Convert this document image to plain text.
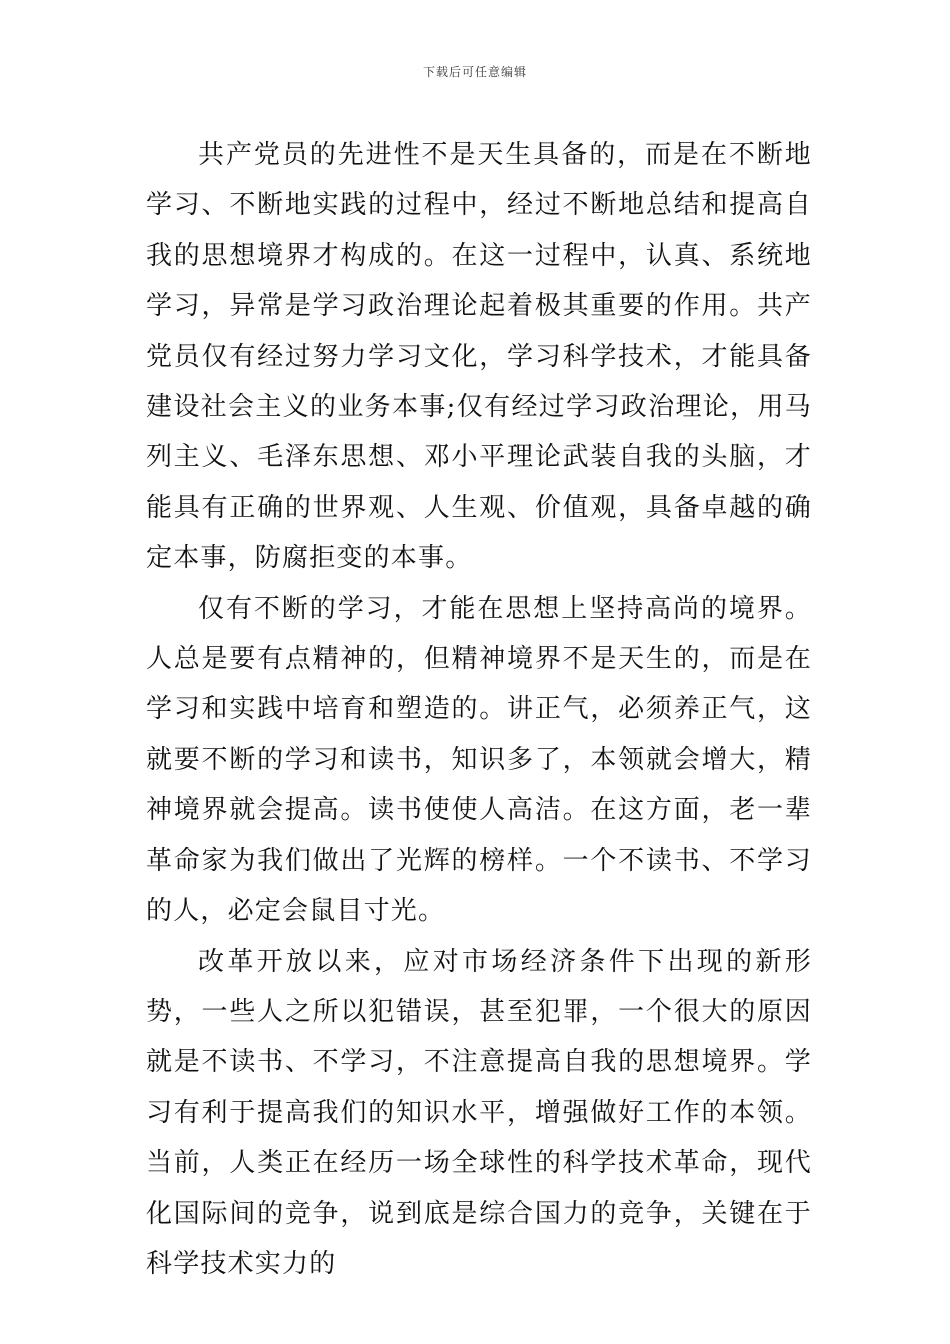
下载后可任意编辑

共产党员的先进性不是天生具备的，而是在不断地学习、不断地实践的过程中，经过不断地总结和提高自我的思想境界才构成的。在这一过程中，认真、系统地学习，异常是学习政治理论起着极其重要的作用。共产党员仅有经过努力学习文化，学习科学技术，才能具备建设社会主义的业务本事;仅有经过学习政治理论，用马列主义、毛泽东思想、邓小平理论武装自我的头脑，才能具有正确的世界观、人生观、价值观，具备卓越的确定本事，防腐拒变的本事。

仅有不断的学习，才能在思想上坚持高尚的境界。人总是要有点精神的，但精神境界不是天生的，而是在学习和实践中培育和塑造的。讲正气，必须养正气，这就要不断的学习和读书，知识多了，本领就会增大，精神境界就会提高。读书使使人高洁。在这方面，老一辈革命家为我们做出了光辉的榜样。一个不读书、不学习的人，必定会鼠目寸光。

改革开放以来，应对市场经济条件下出现的新形势，一些人之所以犯错误，甚至犯罪，一个很大的原因就是不读书、不学习，不注意提高自我的思想境界。学习有利于提高我们的知识水平，增强做好工作的本领。当前，人类正在经历一场全球性的科学技术革命，现代化国际间的竞争，说到底是综合国力的竞争，关键在于科学技术实力的
